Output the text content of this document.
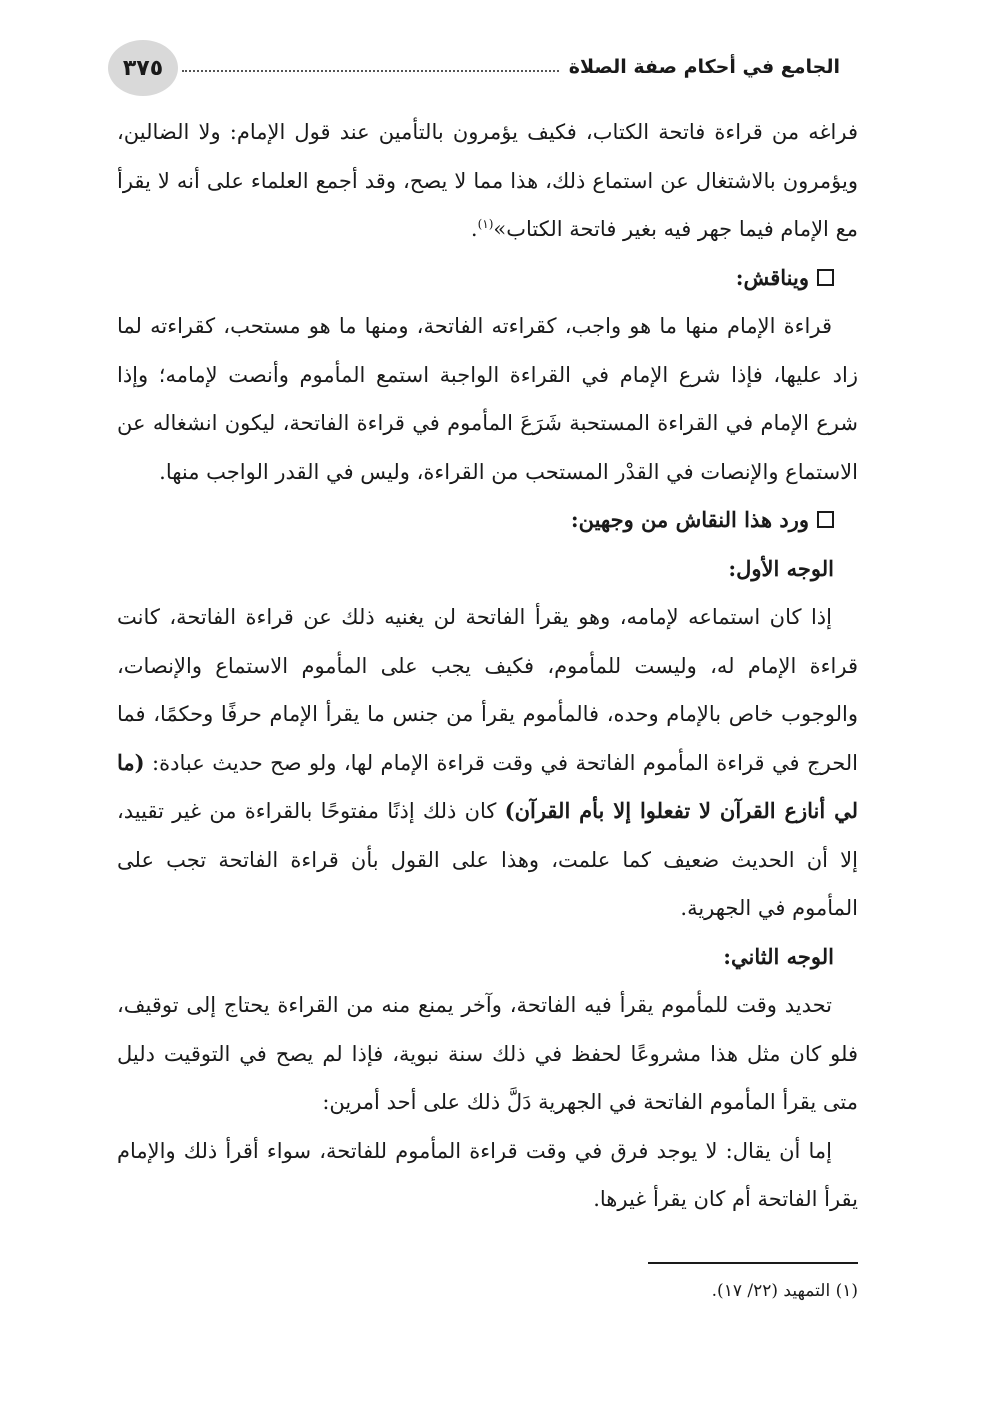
٣٧٥	الجامع في أحكام صفة الصلاة

فراغه من قراءة فاتحة الكتاب، فكيف يؤمرون بالتأمين عند قول الإمام: ولا الضالين، ويؤمرون بالاشتغال عن استماع ذلك، هذا مما لا يصح، وقد أجمع العلماء على أنه لا يقرأ مع الإمام فيما جهر فيه بغير فاتحة الكتاب»$^{(١)}$.

ويناقش:

قراءة الإمام منها ما هو واجب، كقراءته الفاتحة، ومنها ما هو مستحب، كقراءته لما زاد عليها، فإذا شرع الإمام في القراءة الواجبة استمع المأموم وأنصت لإمامه؛ وإذا شرع الإمام في القراءة المستحبة شَرَعَ المأموم في قراءة الفاتحة، ليكون انشغاله عن الاستماع والإنصات في القدْر المستحب من القراءة، وليس في القدر الواجب منها.

ورد هذا النقاش من وجهين:

الوجه الأول:

إذا كان استماعه لإمامه، وهو يقرأ الفاتحة لن يغنيه ذلك عن قراءة الفاتحة، كانت قراءة الإمام له، وليست للمأموم، فكيف يجب على المأموم الاستماع والإنصات، والوجوب خاص بالإمام وحده، فالمأموم يقرأ من جنس ما يقرأ الإمام حرفًا وحكمًا، فما الحرج في قراءة المأموم الفاتحة في وقت قراءة الإمام لها، ولو صح حديث عبادة: (ما لي أنازع القرآن لا تفعلوا إلا بأم القرآن) كان ذلك إذنًا مفتوحًا بالقراءة من غير تقييد، إلا أن الحديث ضعيف كما علمت، وهذا على القول بأن قراءة الفاتحة تجب على المأموم في الجهرية.

الوجه الثاني:

تحديد وقت للمأموم يقرأ فيه الفاتحة، وآخر يمنع منه من القراءة يحتاج إلى توقيف، فلو كان مثل هذا مشروعًا لحفظ في ذلك سنة نبوية، فإذا لم يصح في التوقيت دليل متى يقرأ المأموم الفاتحة في الجهرية دَلَّ ذلك على أحد أمرين:

إما أن يقال: لا يوجد فرق في وقت قراءة المأموم للفاتحة، سواء أقرأ ذلك والإمام يقرأ الفاتحة أم كان يقرأ غيرها.

(١) التمهيد (٢٢/ ١٧).
